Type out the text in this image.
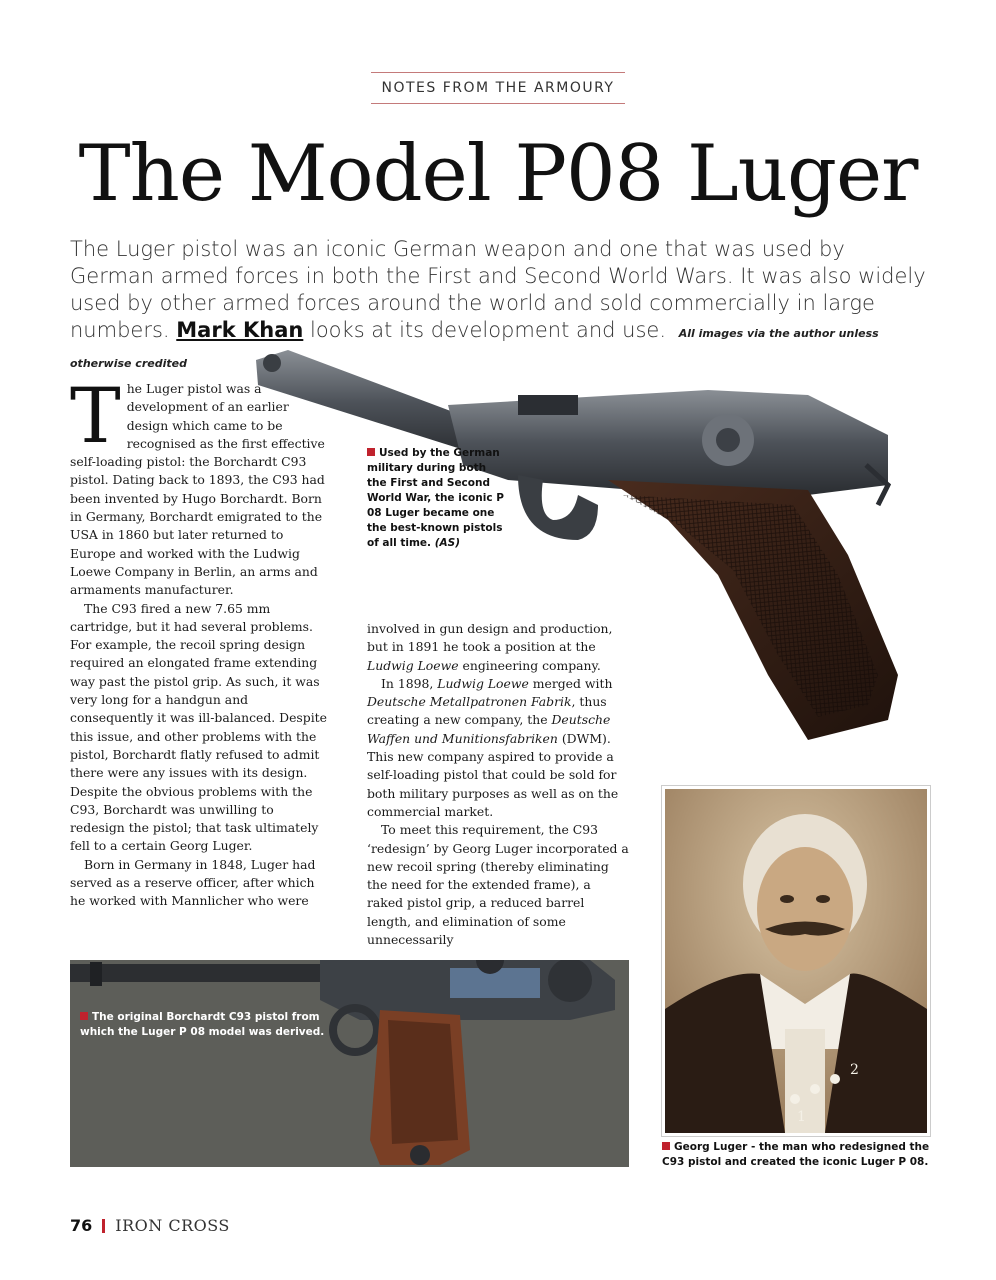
NOTES FROM THE ARMOURY
The Model P08 Luger
The Luger pistol was an iconic German weapon and one that was used by German armed forces in both the First and Second World Wars. It was also widely used by other armed forces around the world and sold commercially in large numbers. Mark Khan looks at its development and use. All images via the author unless otherwise credited
Used by the German military during both the First and Second World War, the iconic P 08 Luger became one the best-known pistols of all time. (AS)
T he Luger pistol was a development of an earlier design which came to be recognised as the first effective self-loading pistol: the Borchardt C93 pistol. Dating back to 1893, the C93 had been invented by Hugo Borchardt. Born in Germany, Borchardt emigrated to the USA in 1860 but later returned to Europe and worked with the Ludwig Loewe Company in Berlin, an arms and armaments manufacturer.

The C93 fired a new 7.65 mm cartridge, but it had several problems. For example, the recoil spring design required an elongated frame extending way past the pistol grip. As such, it was very long for a handgun and consequently it was ill-balanced. Despite this issue, and other problems with the pistol, Borchardt flatly refused to admit there were any issues with its design. Despite the obvious problems with the C93, Borchardt was unwilling to redesign the pistol; that task ultimately fell to a certain Georg Luger.

Born in Germany in 1848, Luger had served as a reserve officer, after which he worked with Mannlicher who were

involved in gun design and production, but in 1891 he took a position at the Ludwig Loewe engineering company.

In 1898, Ludwig Loewe merged with Deutsche Metallpatronen Fabrik, thus creating a new company, the Deutsche Waffen und Munitionsfabriken (DWM). This new company aspired to provide a self-loading pistol that could be sold for both military purposes as well as on the commercial market.

To meet this requirement, the C93 ‘redesign’ by Georg Luger incorporated a new recoil spring (thereby eliminating the need for the extended frame), a raked pistol grip, a reduced barrel length, and elimination of some unnecessarily

The original Borchardt C93 pistol from which the Luger P 08 model was derived.
1
2
Georg Luger - the man who redesigned the C93 pistol and created the iconic Luger P 08.
76 IRON CROSS
